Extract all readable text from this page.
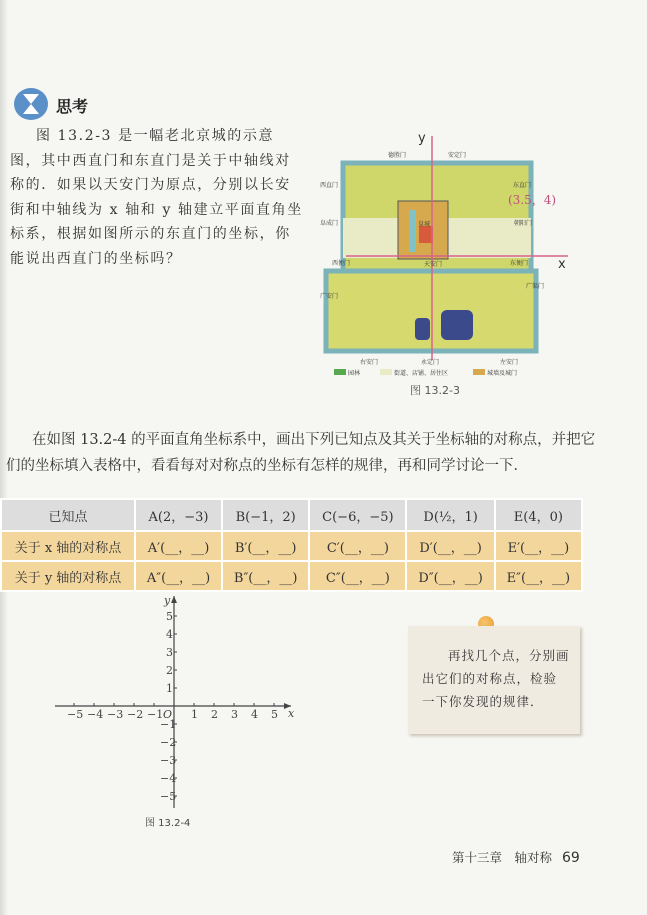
思考
图 13.2-3 是一幅老北京城的示意图，其中西直门和东直门是关于中轴线对称的．如果以天安门为原点，分别以长安街和中轴线为 x 轴和 y 轴建立平面直角坐标系，根据如图所示的东直门的坐标，你能说出西直门的坐标吗？
y
x
皇城
德胜门	安定门
西直门	东直门
阜成门	朝阳门
西便门	东便门
广安门
广渠门
右安门	永定门	左安门
天安门
(3.5，4)
园林	街道、店铺、居住区	城墙及城门
图 13.2-3
在如图 13.2-4 的平面直角坐标系中，画出下列已知点及其关于坐标轴的对称点，并把它们的坐标填入表格中，看看每对对称点的坐标有怎样的规律，再和同学讨论一下．
已知点	A(2，−3)	B(−1，2)	C(−6，−5)	D(½，1)	E(4，0)
关于 x 轴的对称点	A′(__，__)	B′(__，__)	C′(__，__)	D′(__，__)	E′(__，__)
关于 y 轴的对称点	A″(__，__)	B″(__，__)	C″(__，__)	D″(__，__)	E″(__，__)
x
y
O
−5 −4 −3 −2 −1	1 2 3 4 5
5
4
3
2
1
−1
−2
−3
−4
−5
图 13.2-4

再找几个点，分别画出它们的对称点，检验一下你发现的规律．

第十三章　轴对称 69
